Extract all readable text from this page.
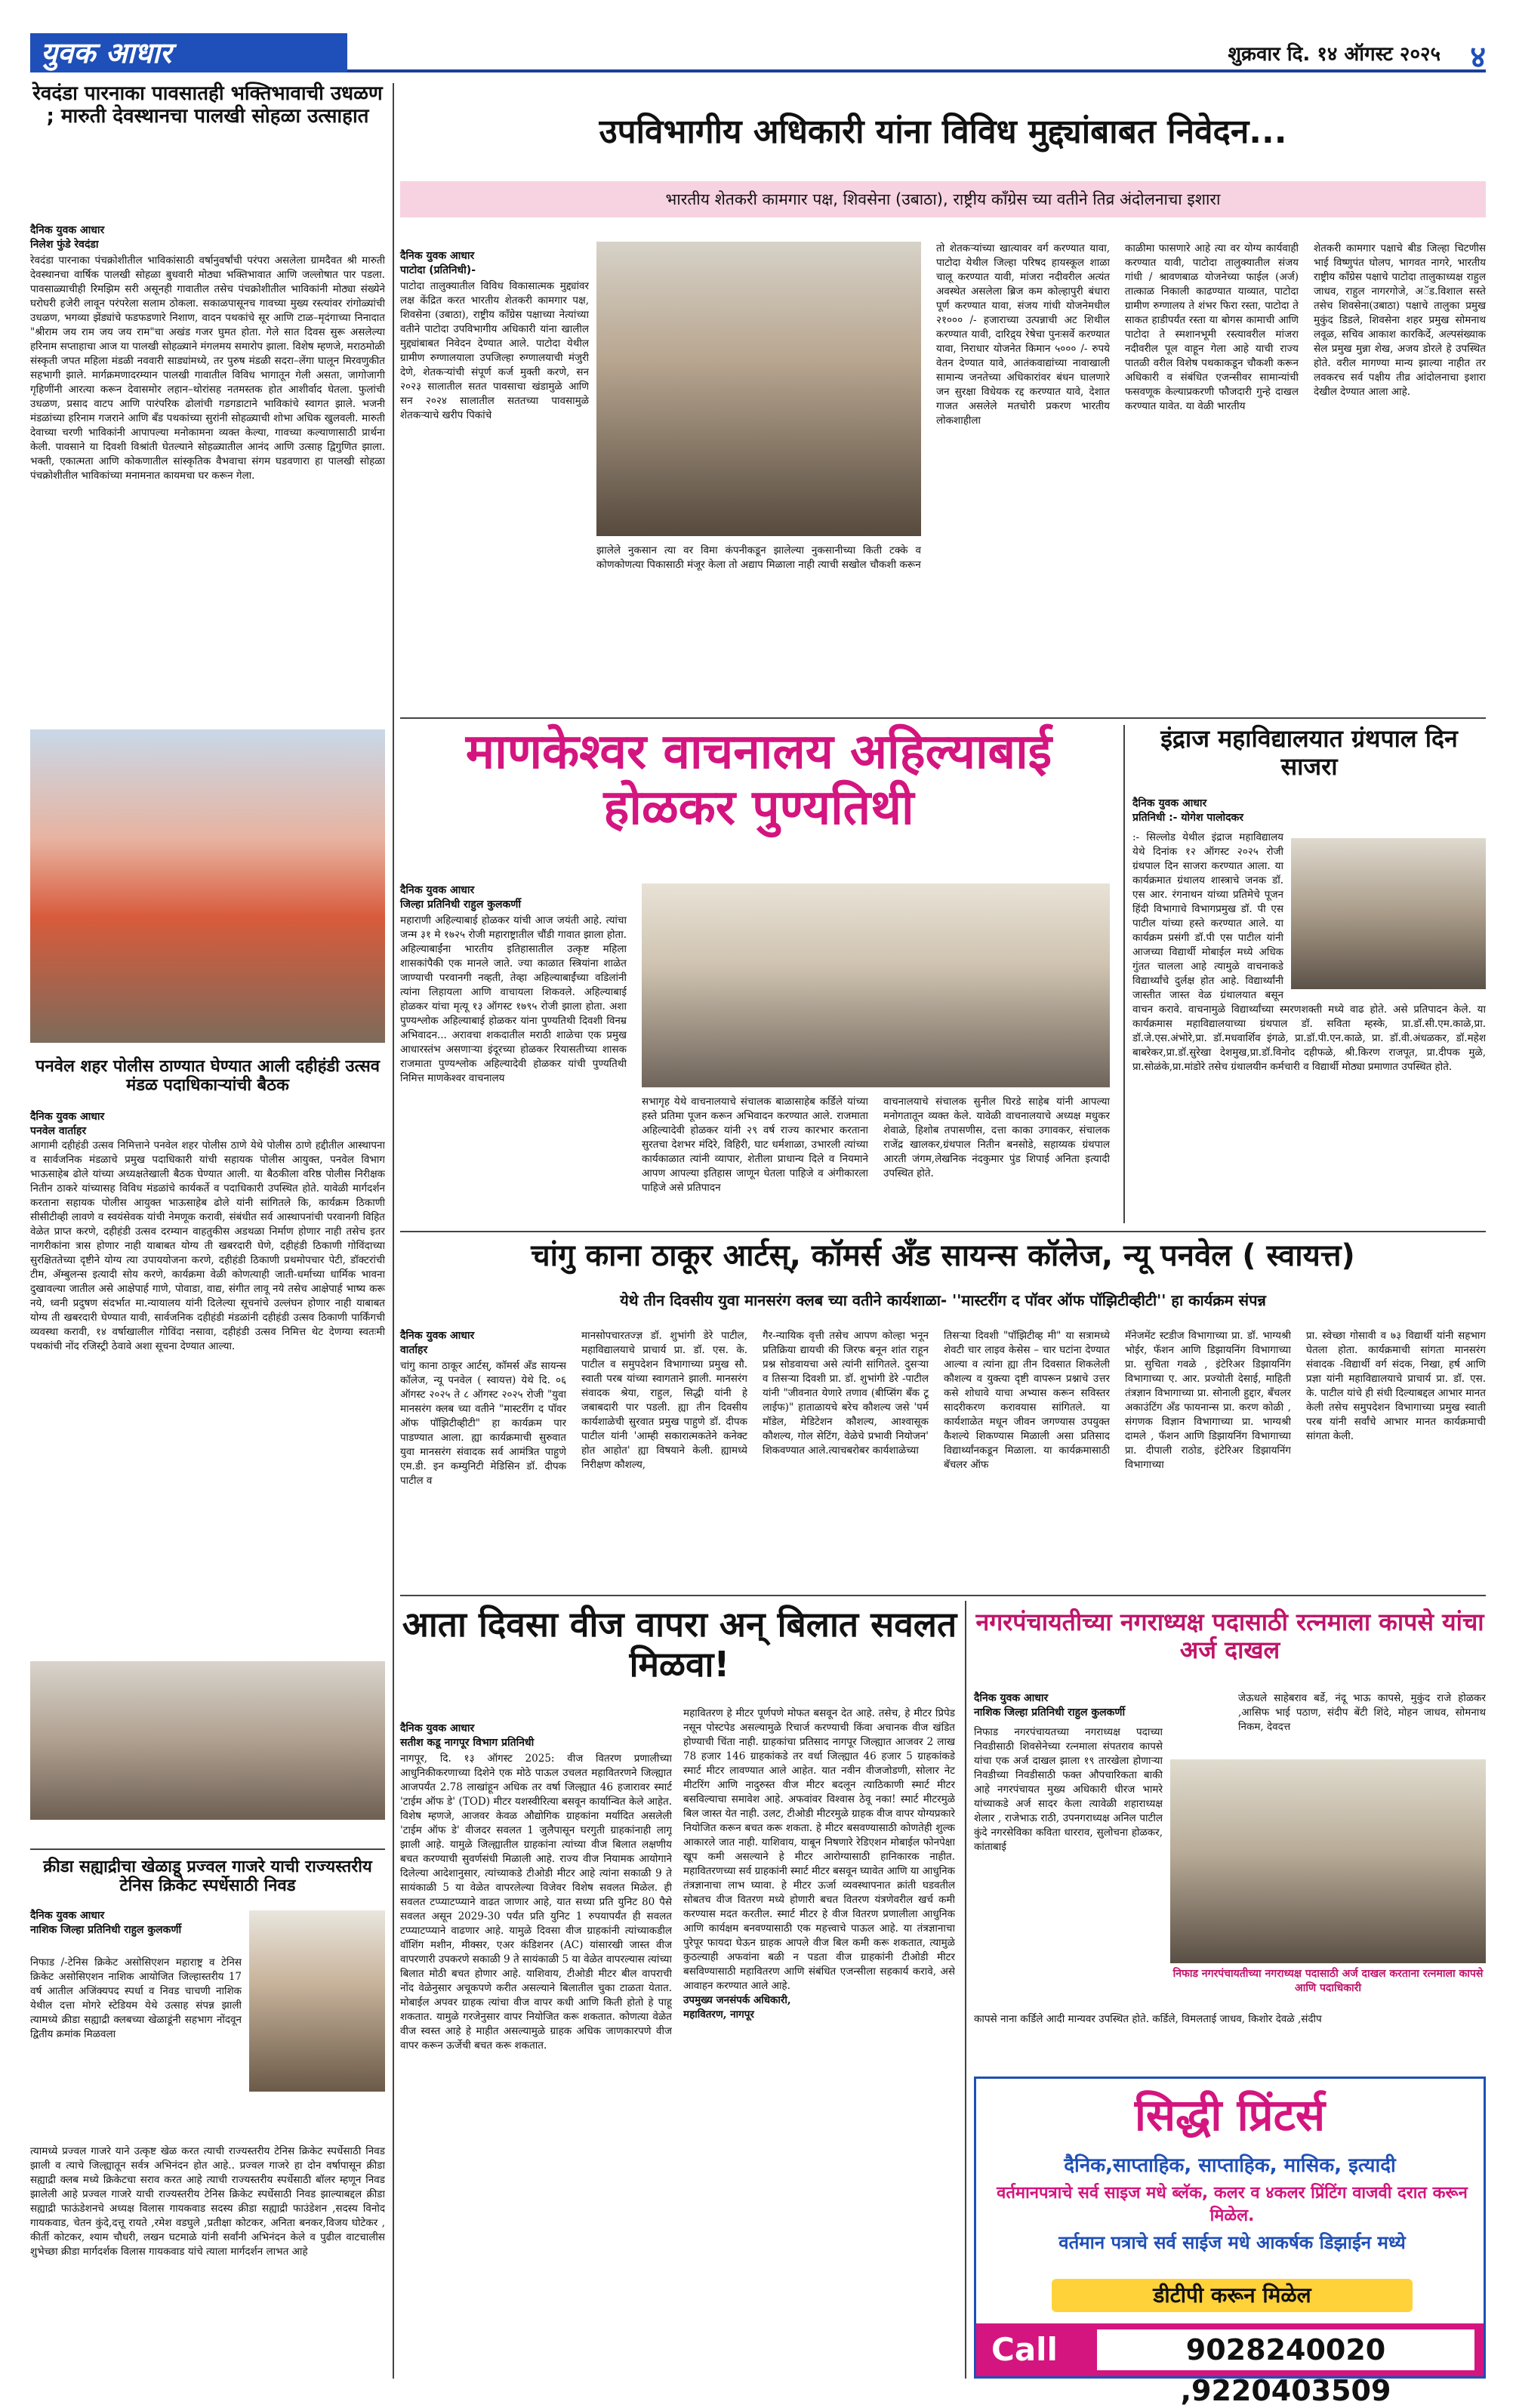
युवक आधार	शुक्रवार दि. १४ ऑगस्ट २०२५ ४
रेवदंडा पारनाका पावसातही भक्तिभावाची उधळण ; मारुती देवस्थानचा पालखी सोहळा उत्साहात
दैनिक युवक आधार
निलेश फुंडे रेवदंडा
रेवदंडा पारनाका पंचक्रोशीतील भाविकांसाठी वर्षानुवर्षांची परंपरा असलेला ग्रामदैवत श्री मारुती देवस्थानचा वार्षिक पालखी सोहळा बुधवारी मोठ्या भक्तिभावात आणि जल्लोषात पार पडला. पावसाळ्याचीही रिमझिम सरी असूनही गावातील तसेच पंचक्रोशीतील भाविकांनी मोठ्या संख्येने घरोघरी हजेरी लावून परंपरेला सलाम ठोकला. सकाळपासूनच गावच्या मुख्य रस्त्यांवर रांगोळ्यांची उधळण, भगव्या झेंड्यांचे फडफडणारे निशाण, वादन पथकांचे सूर आणि टाळ–मृदंगाच्या निनादात "श्रीराम जय राम जय जय राम"चा अखंड गजर घुमत होता. गेले सात दिवस सुरू असलेल्या हरिनाम सप्ताहाचा आज या पालखी सोहळ्याने मंगलमय समारोप झाला. विशेष म्हणजे, मराठमोळी संस्कृती जपत महिला मंडळी नववारी साड्यांमध्ये, तर पुरुष मंडळी सदरा–लेंगा घालून मिरवणुकीत सहभागी झाले. मार्गक्रमणादरम्यान पालखी गावातील विविध भागातून गेली असता, जागोजागी गृहिणींनी आरत्या करून देवासमोर लहान–थोरांसह नतमस्तक होत आशीर्वाद घेतला. फुलांची उधळण, प्रसाद वाटप आणि पारंपरिक ढोलांची गडगडाटाने भाविकांचे स्वागत झाले. भजनी मंडळांच्या हरिनाम गजराने आणि बँड पथकांच्या सुरांनी सोहळ्याची शोभा अधिक खुलवली. मारुती देवाच्या चरणी भाविकांनी आपापल्या मनोकामना व्यक्त केल्या, गावच्या कल्याणासाठी प्रार्थना केली. पावसाने या दिवशी विश्रांती घेतल्याने सोहळ्यातील आनंद आणि उत्साह द्विगुणित झाला. भक्ती, एकात्मता आणि कोकणातील सांस्कृतिक वैभवाचा संगम घडवणारा हा पालखी सोहळा पंचक्रोशीतील भाविकांच्या मनामनात कायमचा घर करून गेला.
उपविभागीय अधिकारी यांना विविध मुद्द्यांबाबत निवेदन...
भारतीय शेतकरी कामगार पक्ष, शिवसेना (उबाठा), राष्ट्रीय काँग्रेस च्या वतीने तिव्र अंदोलनाचा इशारा
दैनिक युवक आधार
पाटोदा (प्रतिनिधी)-
पाटोदा तालुक्यातील विविध विकासात्मक मुद्द्यांवर लक्ष केंद्रित करत भारतीय शेतकरी कामगार पक्ष, शिवसेना (उबाठा), राष्ट्रीय काँग्रेस पक्षाच्या नेत्यांच्या वतीने पाटोदा उपविभागीय अधिकारी यांना खालील मुद्द्यांबाबत निवेदन देण्यात आले. पाटोदा येथील ग्रामीण रुग्णालयाला उपजिल्हा रुग्णालयाची मंजुरी देणे, शेतकऱ्यांची संपूर्ण कर्ज मुक्ती करणे, सन २०२३ सालातील सतत पावसाचा खंडामुळे आणि सन २०२४ सालातील सततच्या पावसामुळे शेतकऱ्याचे खरीप पिकांचे
झालेले नुकसान त्या वर विमा कंपनीकडून झालेल्या नुकसानीच्या किती टक्के व कोणकोणत्या पिकासाठी मंजूर केला तो अद्याप मिळाला नाही त्याची सखोल चौकशी करून
तो शेतकऱ्यांच्या खात्यावर वर्ग करण्यात यावा, पाटोदा येथील जिल्हा परिषद हायस्कूल शाळा चालू करण्यात यावी, मांजरा नदीवरील अत्यंत अवस्थेत असलेला ब्रिज कम कोल्हापुरी बंधारा पूर्ण करण्यात यावा, संजय गांधी योजनेमधील २१००० /- हजाराच्या उत्पन्नाची अट शिथील करण्यात यावी, दारिद्र्य रेषेचा पुनःसर्वे करण्यात यावा, निराधार योजनेत किमान ५००० /- रुपये वेतन देण्यात यावे, आतंकवाद्यांच्या नावाखाली सामान्य जनतेच्या अधिकारांवर बंधन घालणारे जन सुरक्षा विधेयक रद्द करण्यात यावे, देशात गाजत असलेले मतचोरी प्रकरण भारतीय लोकशाहीला
काळीमा फासणारे आहे त्या वर योग्य कार्यवाही करण्यात यावी, पाटोदा तालुक्यातील संजय गांधी / श्रावणबाळ योजनेच्या फाईल (अर्ज) तात्काळ निकाली काढण्यात याव्यात, पाटोदा ग्रामीण रुग्णालय ते शंभर फिरा रस्ता, पाटोदा ते साकत हाडीपर्यंत रस्ता या बोगस कामाची आणि पाटोदा ते स्मशानभूमी रस्त्यावरील मांजरा नदीवरील पूल वाहून गेला आहे याची राज्य पातळी वरील विशेष पथकाकडून चौकशी करून अधिकारी व संबंधित एजन्सीवर सामान्यांची फसवणूक केल्याप्रकरणी फौजदारी गुन्हे दाखल करण्यात यावेत. या वेळी भारतीय
शेतकरी कामगार पक्षाचे बीड जिल्हा चिटणीस भाई विष्णुपंत घोलप, भागवत नागरे, भारतीय राष्ट्रीय काँग्रेस पक्षाचे पाटोदा तालुकाध्यक्ष राहुल जाधव, राहुल नागरगोजे, अॅड.विशाल सस्ते तसेच शिवसेना(उबाठा) पक्षाचे तालुका प्रमुख मुकुंद डिडले, शिवसेना शहर प्रमुख सोमनाथ लवूळ, सचिव आकाश कारकिर्दे, अल्पसंख्याक सेल प्रमुख मुन्ना शेख, अजय डोरले हे उपस्थित होते. वरील मागण्या मान्य झाल्या नाहीत तर लवकरच सर्व पक्षीय तीव्र आंदोलनाचा इशारा देखील देण्यात आला आहे.
माणकेश्वर वाचनालय अहिल्याबाई होळकर पुण्यतिथी
दैनिक युवक आधार
जिल्हा प्रतिनिधी राहुल कुलकर्णी
महाराणी अहिल्याबाई होळकर यांची आज जयंती आहे. त्यांचा जन्म ३१ मे १७२५ रोजी महाराष्ट्रातील चौंडी गावात झाला होता. अहिल्याबाईंना भारतीय इतिहासातील उत्कृष्ट महिला शासकांपैकी एक मानले जाते. ज्या काळात स्त्रियांना शाळेत जाण्याची परवानगी नव्हती, तेव्हा अहिल्याबाईंच्या वडिलांनी त्यांना लिहायला आणि वाचायला शिकवले. अहिल्याबाई होळकर यांचा मृत्यू १३ ऑगस्ट १७९५ रोजी झाला होता. अशा पुण्यश्लोक अहिल्याबाई होळकर यांना पुण्यतिथी दिवशी विनम्र अभिवादन... अरावचा शकदातील मराठी शाळेचा एक प्रमुख आधारस्तंभ असणाऱ्या इंदूरच्या होळकर रियासतीच्या शासक राजमाता पुण्यश्लोक अहिल्यादेवी होळकर यांची पुण्यतिथी निमित्त माणकेश्वर वाचनालय
सभागृह येथे वाचनालयाचे संचालक बाळासाहेब कर्डिले यांच्या हस्ते प्रतिमा पूजन करून अभिवादन करण्यात आले. राजमाता अहिल्यादेवी होळकर यांनी २९ वर्ष राज्य कारभार करताना सुरतचा देशभर मंदिरे, विहिरी, घाट धर्मशाळा, उभारली त्यांच्या कार्यकाळात त्यांनी व्यापार, शेतीला प्राधान्य दिले व नियमाने आपण आपल्या इतिहास जाणून घेतला पाहिजे व अंगीकारला पाहिजे असे प्रतिपादन
वाचनालयाचे संचालक सुनील घिरडे साहेब यांनी आपल्या मनोगतातून व्यक्त केले. यावेळी वाचनालयाचे अध्यक्ष मधुकर शेवाळे, हिशोब तपासणीस, दत्ता काका उगावकर, संचालक राजेंद्र खालकर,ग्रंथपाल नितीन बनसोडे, सहाय्यक ग्रंथपाल आरती जंगम,लेखनिक नंदकुमार पुंड शिपाई अनिता इत्यादी उपस्थित होते.
इंद्राज महाविद्यालयात ग्रंथपाल दिन साजरा
दैनिक युवक आधार
प्रतिनिधी :- योगेश पालोदकर
:- सिल्लोड येथील इंद्राज महाविद्यालय येथे दिनांक १२ ऑगस्ट २०२५ रोजी ग्रंथपाल दिन साजरा करण्यात आला. या कार्यक्रमात ग्रंथालय शास्त्राचे जनक डॉ. एस आर. रंगनाथन यांच्या प्रतिमेचे पूजन हिंदी विभागाचे विभागप्रमुख डॉ. पी एस पाटील यांच्या हस्ते करण्यात आले. या कार्यक्रम प्रसंगी डॉ.पी एस पाटील यांनी आजच्या विद्यार्थी मोबाईल मध्ये अधिक गुंतत चालला आहे त्यामुळे वाचनाकडे विद्यार्थ्यांचे दुर्लक्ष होत आहे. विद्यार्थ्यांनी जास्तीत जास्त वेळ ग्रंथालयात बसून वाचन करावे. वाचनामुळे विद्यार्थ्यांच्या स्मरणशक्ती मध्ये वाढ होते. असे प्रतिपादन केले. या कार्यक्रमास महाविद्यालयाच्या ग्रंथपाल डॉ. सविता म्हस्के, प्रा.डॉ.सी.एम.काळे,प्रा. डॉ.जे.एस.अंभोरे,प्रा. डॉ.मधवार्शिव इंगळे, प्रा.डॉ.पी.एन.काळे, प्रा. डॉ.वी.अंधळकर, डॉ.महेश बाबरेकर,प्रा.डॉ.सुरेखा देशमुख,प्रा.डॉ.विनोद दहीफळे, श्री.किरण राजपूत, प्रा.दीपक मुळे, प्रा.सोळंके,प्रा.मांडोरे तसेच ग्रंथालयीन कर्मचारी व विद्यार्थी मोठ्या प्रमाणात उपस्थित होते.
पनवेल शहर पोलीस ठाण्यात घेण्यात आली दहीहंडी उत्सव मंडळ पदाधिकाऱ्यांची बैठक
दैनिक युवक आधार
पनवेल वार्ताहर
आगामी दहीहंडी उत्सव निमित्ताने पनवेल शहर पोलीस ठाणे येथे पोलीस ठाणे हद्दीतील आस्थापना व सार्वजनिक मंडळाचे प्रमुख पदाधिकारी यांची सहायक पोलीस आयुक्त, पनवेल विभाग भाऊसाहेब ढोले यांच्या अध्यक्षतेखाली बैठक घेण्यात आली. या बैठकीला वरिष्ठ पोलीस निरीक्षक नितीन ठाकरे यांच्यासह विविध मंडळांचे कार्यकर्ते व पदाधिकारी उपस्थित होते. यावेळी मार्गदर्शन करताना सहायक पोलीस आयुक्त भाऊसाहेब ढोले यांनी सांगितले कि, कार्यक्रम ठिकाणी सीसीटीव्ही लावणे व स्वयंसेवक यांची नेमणूक करावी, संबंधीत सर्व आस्थापनांची परवानगी विहित वेळेत प्राप्त करणे, दहीहंडी उत्सव दरम्यान वाहतुकीस अडथळा निर्माण होणार नाही तसेच इतर नागरीकांना त्रास होणार नाही याबाबत योग्य ती खबरदारी घेणे, दहीहंडी ठिकाणी गोविंदाच्या सुरक्षिततेच्या दृष्टीने योग्य त्या उपाययोजना करणे, दहीहंडी ठिकाणी प्रथमोपचार पेटी, डॉक्टरांची टीम, ॲम्बुलन्स इत्यादी सोय करणे, कार्यक्रमा वेळी कोणत्याही जाती-धर्माच्या धार्मिक भावना दुखावल्या जातील असे आक्षेपार्ह गाणे, पोवाडा, वाद्य, संगीत लावू नये तसेच आक्षेपार्ह भाष्य करू नये, ध्वनी प्रदुषण संदर्भात मा.न्यायालय यांनी दिलेल्या सूचनांचे उल्लंघन होणार नाही याबाबत योग्य ती खबरदारी घेण्यात यावी, सार्वजनिक दहीहंडी मंडळांनी दहीहंडी उत्सव ठिकाणी पार्किंगची व्यवस्था करावी, १४ वर्षाखालील गोविंदा नसावा, दहीहंडी उत्सव निमित्त थेट देणग्या स्वतःमी पथकांची नोंद रजिस्ट्री ठेवावे अशा सूचना देण्यात आल्या.
चांगु काना ठाकूर आर्टस्, कॉमर्स अँड सायन्स कॉलेज, न्यू पनवेल ( स्वायत्त)
येथे तीन दिवसीय युवा मानसरंग क्लब च्या वतीने कार्यशाळा- ''मास्टरींग द पॉवर ऑफ पॉझिटीव्हीटी'' हा कार्यक्रम संपन्न
दैनिक युवक आधार
वार्ताहर
चांगु काना ठाकूर आर्टस्, कॉमर्स अँड सायन्स कॉलेज, न्यू पनवेल ( स्वायत्त) येथे दि. ०६ ऑगस्ट २०२५ ते ८ ऑगस्ट २०२५ रोजी "युवा मानसरंग क्लब च्या वतीने "मास्टरींग द पॉवर ऑफ पॉझिटीव्हीटी" हा कार्यक्रम पार पाडण्यात आला. ह्या कार्यक्रमाची सुरुवात युवा मानसरंग संवादक सर्व आमंत्रित पाहुणे एम.डी. इन कम्युनिटी मेडिसिन डॉ. दीपक पाटील व
मानसोपचारतज्ज्ञ डॉ. शुभांगी डेरे पाटील, महाविद्यालयाचे प्राचार्य प्रा. डॉ. एस. के. पाटील व समुपदेशन विभागाच्या प्रमुख सौ. स्वाती परब यांच्या स्वागताने झाली. मानसरंग संवादक श्रेया, राहुल, सिद्धी यांनी हे जबाबदारी पार पडली. ह्या तीन दिवसीय कार्यशाळेची सुरवात प्रमुख पाहुणे डॉ. दीपक पाटील यांनी 'आम्ही सकारात्मकतेने कनेक्ट होत आहोत' ह्या विषयाने केली. ह्यामध्ये निरीक्षण कौशल्य,
गैर-न्यायिक वृत्ती तसेच आपण कोल्हा भनून प्रतिक्रिया द्यायची की जिरफ बनून शांत राहून प्रश्न सोडवायचा असे त्यांनी सांगितले. दुसऱ्या व तिसऱ्या दिवशी प्रा. डॉ. शुभांगी डेरे -पाटील यांनी "जीवनात येणारे तणाव (बीप्सिंग बँक टू लाईफ)" हाताळायचे बरेच कौशल्य जसे 'पर्म मॉडेल, मेडिटेशन कौशल्य, आश्वासूक कौशल्य, गोल सेटिंग, वेळेचे प्रभावी नियोजन' शिकवण्यात आले.त्याचबरोबर कार्यशाळेच्या
तिसऱ्या दिवशी "पॉझिटीव्ह मी" या सत्रामध्ये शेवटी चार लाइव केसेस – चार घटांना देण्यात आल्या व त्यांना ह्या तीन दिवसात शिकलेली कौशल्य व युक्त्या दृष्टी वापरून प्रश्नाचे उत्तर कसे शोधावे याचा अभ्यास करून सविस्तर सादरीकरण करावयास सांगितले. या कार्यशाळेत मधून जीवन जगण्यास उपयुक्त कैशल्ये शिकण्यास मिळाली असा प्रतिसाद विद्यार्थ्यांनकडून मिळाला. या कार्यक्रमासाठी बॅचलर ऑफ
मॅनेजमेंट स्टडीज विभागाच्या प्रा. डॉ. भाग्यश्री भोईर, फॅशन आणि डिझायनिंग विभागाच्या प्रा. सुचिता गवळे , इंटेरिअर डिझायनिंग विभागाच्या ए. आर. प्रज्योती देसाई, माहिती तंत्रज्ञान विभागाच्या प्रा. सोनाली हुद्दार, बँचलर अकाउंटिंग ॲंड फायनान्स प्रा. करण कोळी , संगणक विज्ञान विभागाच्या प्रा. भाग्यश्री दामले , फॅशन आणि डिझायनिंग विभागाच्या प्रा. दीपाली राठोड, इंटेरिअर डिझायनिंग विभागाच्या
प्रा. स्वेच्छा गोसावी व ७३ विद्यार्थी यांनी सहभाग घेतला होता. कार्यक्रमाची सांगता मानसरंग संवादक -विद्यार्थी वर्ग संदक, निखा, हर्ष आणि प्रज्ञा यांनी महाविद्यालयाचे प्राचार्य प्रा. डॉ. एस. के. पाटील यांचे ही संधी दिल्याबद्दल आभार मानत केली तसेच समुपदेशन विभागाच्या प्रमुख स्वाती परब यांनी सर्वांचे आभार मानत कार्यक्रमाची सांगता केली.
आता दिवसा वीज वापरा अन् बिलात सवलत मिळवा!
दैनिक युवक आधार
सतीश कडू नागपूर विभाग प्रतिनिधी
नागपूर, दि. १३ ऑगस्ट 2025: वीज वितरण प्रणालीच्या आधुनिकीकरणाच्या दिशेने एक मोठे पाऊल उचलत महावितरणने जिल्ह्यात आजपर्यंत 2.78 लाखांहून अधिक तर वर्षा जिल्ह्यात 46 हजारावर स्मार्ट 'टाईम ऑफ डे' (TOD) मीटर यशस्वीरित्या बसवून कार्यान्वित केले आहेत. विशेष म्हणजे, आजवर केवळ औद्योगिक ग्राहकांना मर्यादित असलेली 'टाईम ऑफ डे' वीजदर सवलत 1 जुलैपासून घरगुती ग्राहकांनाही लागू झाली आहे. यामुळे जिल्ह्यातील ग्राहकांना त्यांच्या वीज बिलात लक्षणीय बचत करण्याची सुवर्णसंधी मिळाली आहे. राज्य वीज नियामक आयोगाने दिलेल्या आदेशानुसार, त्यांच्याकडे टीओडी मीटर आहे त्यांना सकाळी 9 ते सायंकाळी 5 या वेळेत वापरलेल्या विजेवर विशेष सवलत मिळेल. ही सवलत टप्प्याटप्प्याने वाढत जाणार आहे, यात सध्या प्रति युनिट 80 पैसे सवलत असून 2029-30 पर्यंत प्रति युनिट 1 रुपयापर्यंत ही सवलत टप्प्याटप्प्याने वाढणार आहे. यामुळे दिवसा वीज ग्राहकांनी त्यांच्याकडील वॉशिंग मशीन, मीक्सर, एअर कंडिशनर (AC) यांसारखी जास्त वीज वापरणारी उपकरणे सकाळी 9 ते सायंकाळी 5 या वेळेत वापरल्यास त्यांच्या बिलात मोठी बचत होणार आहे. याशिवाय, टीओडी मीटर बील वापराची नोंद वेळेनुसार अचूकपणे करीत असल्याने बिलातील चुका टाळता येतात. मोबाईल अपवर ग्राहक त्यांचा वीज वापर कधी आणि किती होतो हे पाहू शकतात. यामुळे गरजेनुसार वापर नियोजित करू शकतात. कोणत्या वेळेत वीज स्वस्त आहे हे माहीत असल्यामुळे ग्राहक अधिक जाणकारपणे वीज वापर करून ऊर्जेची बचत करू शकतात.
महावितरण हे मीटर पूर्णपणे मोफत बसवून देत आहे. तसेच, हे मीटर प्रिपेड नसून पोस्टपेड असल्यामुळे रिचार्ज करण्याची किंवा अचानक वीज खंडित होण्याची चिंता नाही. ग्राहकांचा प्रतिसाद नागपूर जिल्ह्यात आजवर 2 लाख 78 हजार 146 ग्राहकांकडे तर वर्धा जिल्ह्यात 46 हजार 5 ग्राहकांकडे स्मार्ट मीटर लावण्यात आले आहेत. यात नवीन वीजजोडणी, सोलार नेट मीटरिंग आणि नादुरुस्त वीज मीटर बदलून त्याठिकाणी स्मार्ट मीटर बसविल्याचा समावेश आहे. अफवांवर विश्वास ठेवू नका! स्मार्ट मीटरमुळे बिल जास्त येत नाही. उलट, टीओडी मीटरमुळे ग्राहक वीज वापर योग्यप्रकारे नियोजित करून बचत करू शकता. हे मीटर बसवण्यासाठी कोणतेही शुल्क आकारले जात नाही. याशिवाय, याबून निषणारे रेडिएशन मोबाईल फोनपेक्षा खूप कमी असल्याने हे मीटर आरोग्यासाठी हानिकारक नाहीत. महावितरणच्या सर्व ग्राहकांनी स्मार्ट मीटर बसवून घ्यावेत आणि या आधुनिक तंत्रज्ञानाचा लाभ घ्यावा. हे मीटर ऊर्जा व्यवस्थापनात क्रांती घडवतील सोबतच वीज वितरण मध्ये होणारी बचत वितरण यंत्रणेवरील खर्च कमी करण्यास मदत करतील. स्मार्ट मीटर हे वीज वितरण प्रणालीला आधुनिक आणि कार्यक्षम बनवण्यासाठी एक महत्त्वाचे पाऊल आहे. या तंत्रज्ञानाचा पुरेपूर फायदा घेऊन ग्राहक आपले वीज बिल कमी करू शकतात, त्यामुळे कुठल्याही अफवांना बळी न पडता वीज ग्राहकांनी टीओडी मीटर बसविण्यासाठी महावितरण आणि संबंधित एजन्सीला सहकार्य करावे, असे आवाहन करण्यात आले आहे.
उपमुख्य जनसंपर्क अधिकारी,
महावितरण, नागपूर
नगरपंचायतीच्या नगराध्यक्ष पदासाठी रत्नमाला कापसे यांचा अर्ज दाखल
दैनिक युवक आधार
नाशिक जिल्हा प्रतिनिधी राहुल कुलकर्णी
निफाड नगरपंचायतच्या नगराध्यक्ष पदाच्या निवडीसाठी शिवसेनेच्या रत्नमाला संपतराव कापसे यांचा एक अर्ज दाखल झाला १९ तारखेला होणाऱ्या निवडीच्या निवडीसाठी फक्त औपचारिकता बाकी आहे नगरपंचायत मुख्य अधिकारी धीरज भामरे यांच्याकडे अर्ज सादर केला त्यावेळी शहाराध्यक्ष शेलार , राजेभाऊ राठी, उपनगराध्यक्ष अनिल पाटील कुंदे नगरसेविका कविता धारराव, सुलोचना होळकर, कांताबाई
जेऊधले साहेबराव बर्डे, नंदू भाऊ कापसे, मुकुंद राजे होळकर ,आसिफ भाई पठाण, संदीप बेंटी शिंदे, मोहन जाधव, सोमनाथ निकम, देवदत्त
निफाड नगरपंचायतीच्या नगराध्यक्ष पदासाठी अर्ज दाखल करताना रत्नमाला कापसे आणि पदाधिकारी
कापसे नाना कर्डिले आदी मान्यवर उपस्थित होते. कर्डिले, विमलताई जाधव, किशोर देवळे ,संदीप
क्रीडा सह्याद्रीचा खेळाडू प्रज्वल गाजरे याची राज्यस्तरीय टेनिस क्रिकेट स्पर्धेसाठी निवड
दैनिक युवक आधार
नाशिक जिल्हा प्रतिनिधी राहुल कुलकर्णी
निफाड /-टेनिस क्रिकेट असोसिएशन महाराष्ट्र व टेनिस क्रिकेट असोसिएशन नाशिक आयोजित जिल्हास्तरीय 17 वर्ष आतील अजिंक्यपद स्पर्धा व निवड चाचणी नाशिक येथील दत्ता मोगरे स्टेडियम येथे उत्साह संपन्न झाली त्यामध्ये क्रीडा सह्याद्री क्लबच्या खेळाडूंनी सहभाग नोंदवून द्वितीय क्रमांक मिळवला
त्यामध्ये प्रज्वल गाजरे याने उत्कृष्ट खेळ करत त्याची राज्यस्तरीय टेनिस क्रिकेट स्पर्धेसाठी निवड झाली व त्याचे जिल्ह्यातून सर्वत्र अभिनंदन होत आहे.. प्रज्वल गाजरे हा दोन वर्षापासून क्रीडा सह्याद्री क्लब मध्ये क्रिकेटचा सराव करत आहे त्याची राज्यस्तरीय स्पर्धेसाठी बॉलर म्हणून निवड झालेली आहे प्रज्वल गाजरे याची राज्यस्तरीय टेनिस क्रिकेट स्पर्धेसाठी निवड झाल्याबद्दल क्रीडा सह्याद्री फाऊंडेशनचे अध्यक्ष विलास गायकवाड सदस्य क्रीडा सह्याद्री फाउंडेशन ,सदस्य विनोद गायकवाड, चेतन कुंदे,दत्तू रायते ,रमेश वडघुले ,प्रतीक्षा कोटकर, अनिता बनकर,विजय घोटेकर , कीर्ती कोटकर, श्याम चौधरी, लखन घटमाळे यांनी सर्वांनी अभिनंदन केले व पुढील वाटचालीस शुभेच्छा क्रीडा मार्गदर्शक विलास गायकवाड यांचे त्याला मार्गदर्शन लाभत आहे
सिद्धी प्रिंटर्स
दैनिक,साप्ताहिक, साप्ताहिक, मासिक, इत्यादी
वर्तमानपत्राचे सर्व साइज मधे ब्लॅक, कलर व ४कलर प्रिंटिंग वाजवी दरात करून मिळेल.
वर्तमान पत्राचे सर्व साईज मधे आकर्षक डिझाईन मध्ये
डीटीपी करून मिळेल
Call	9028240020 ,9220403509
